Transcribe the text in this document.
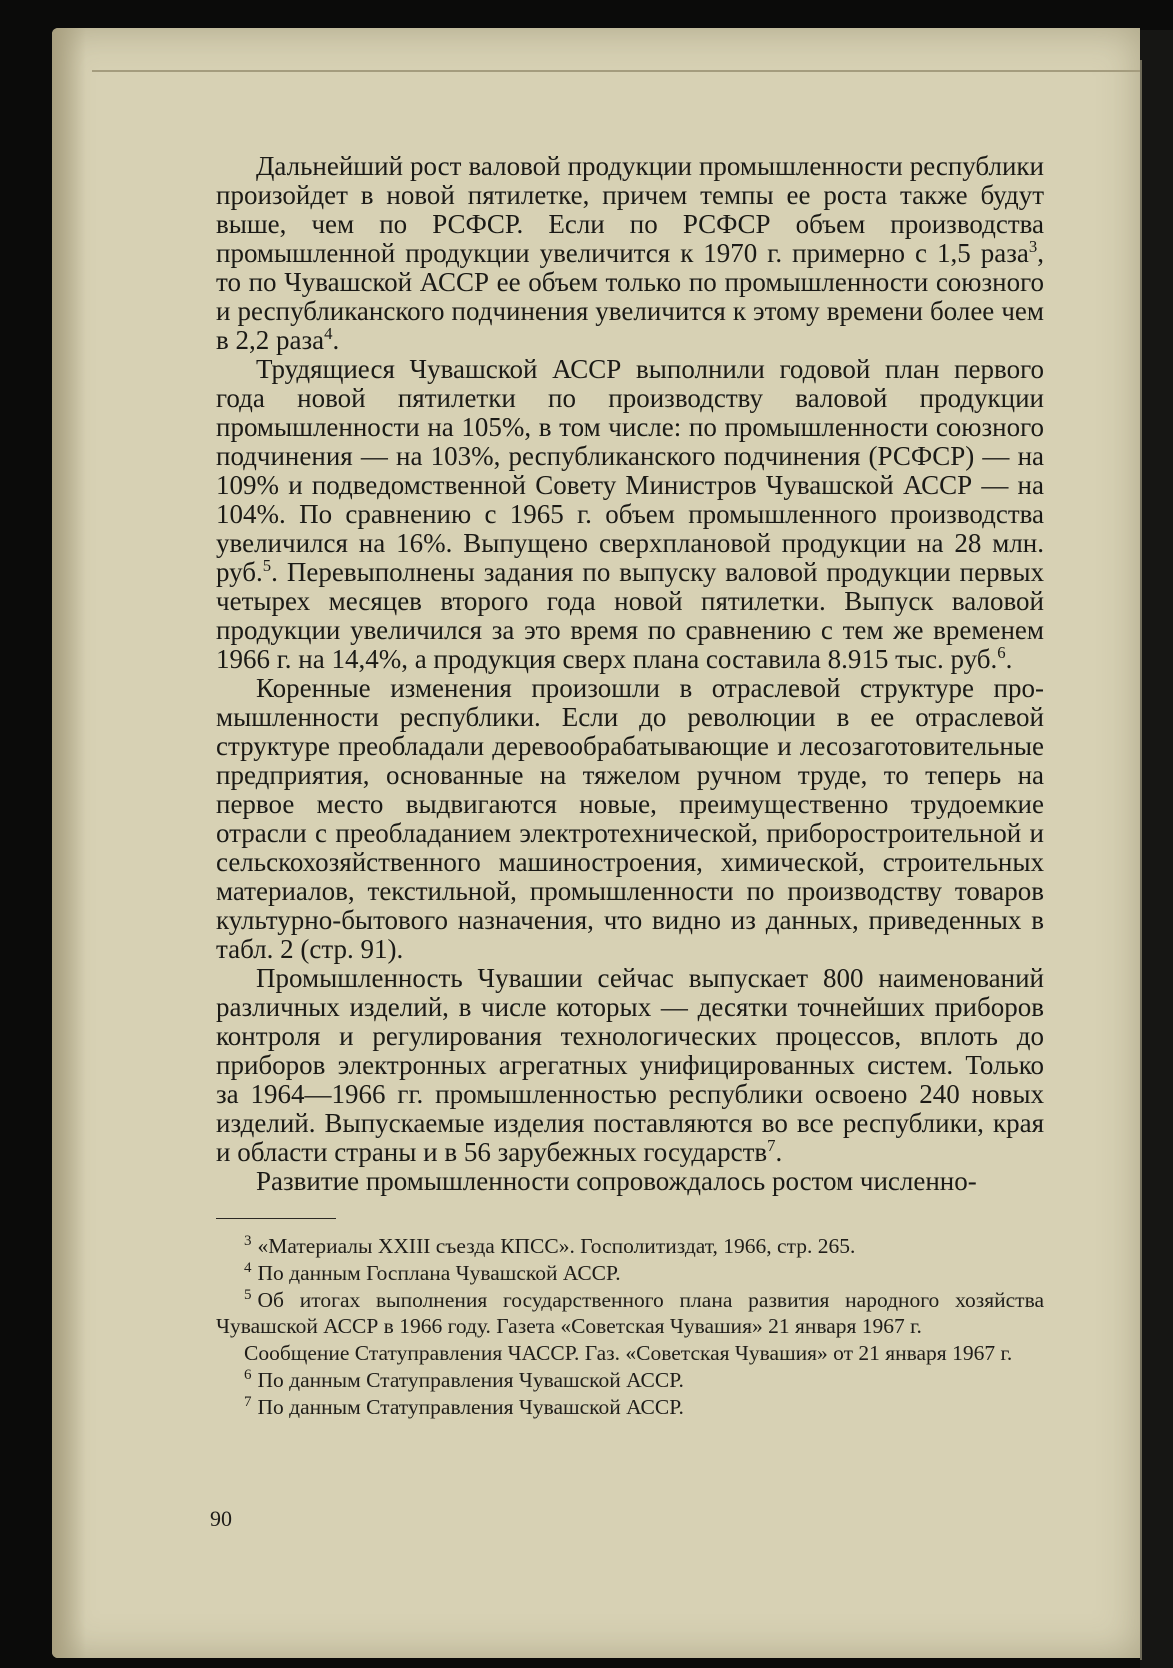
Дальнейший рост валовой продукции промышленности республики произойдет в новой пятилетке, причем темпы ее роста также будут выше, чем по РСФСР. Если по РСФСР объем производства промышленной продукции увеличится к 1970 г. примерно с 1,5 раза$^3$, то по Чувашской АССР ее объем только по промышленности союзного и республиканского подчинения увеличится к этому времени более чем в 2,2 раза$^4$.

Трудящиеся Чувашской АССР выполнили годовой план первого года новой пятилетки по производству валовой продукции промышленности на 105%, в том числе: по промышленности союзного подчинения — на 103%, республиканского подчинения (РСФСР) — на 109% и подведомственной Совету Министров Чувашской АССР — на 104%. По сравнению с 1965 г. объем промышленного производства увеличился на 16%. Выпущено сверхплановой продукции на 28 млн. руб.$^5$. Перевыполнены задания по выпуску валовой продукции первых четырех месяцев второго года новой пятилетки. Выпуск валовой продукции увеличился за это время по сравнению с тем же временем 1966 г. на 14,4%, а продукция сверх плана составила 8.915 тыс. руб.$^6$.

Коренные изменения произошли в отраслевой структуре промышленности республики. Если до революции в ее отраслевой структуре преобладали деревообрабатывающие и лесозаготовительные предприятия, основанные на тяжелом ручном труде, то теперь на первое место выдвигаются новые, преимущественно трудоемкие отрасли с преобладанием электротехнической, приборостроительной и сельскохозяйственного машиностроения, химической, строительных материалов, текстильной, промышленности по производству товаров культурно-бытового назначения, что видно из данных, приведенных в табл. 2 (стр. 91).

Промышленность Чувашии сейчас выпускает 800 наименований различных изделий, в числе которых — десятки точнейших приборов контроля и регулирования технологических процессов, вплоть до приборов электронных агрегатных унифицированных систем. Только за 1964—1966 гг. промышленностью республики освоено 240 новых изделий. Выпускаемые изделия поставляются во все республики, края и области страны и в 56 зарубежных государств$^7$.

Развитие промышленности сопровождалось ростом численно-

$^3$ «Материалы XXIII съезда КПСС». Госполитиздат, 1966, стр. 265.

$^4$ По данным Госплана Чувашской АССР.

$^5$ Об итогах выполнения государственного плана развития народного хозяйства Чувашской АССР в 1966 году. Газета «Советская Чувашия» 21 января 1967 г.

Сообщение Статуправления ЧАССР. Газ. «Советская Чувашия» от 21 января 1967 г.

$^6$ По данным Статуправления Чувашской АССР.

$^7$ По данным Статуправления Чувашской АССР.

90
